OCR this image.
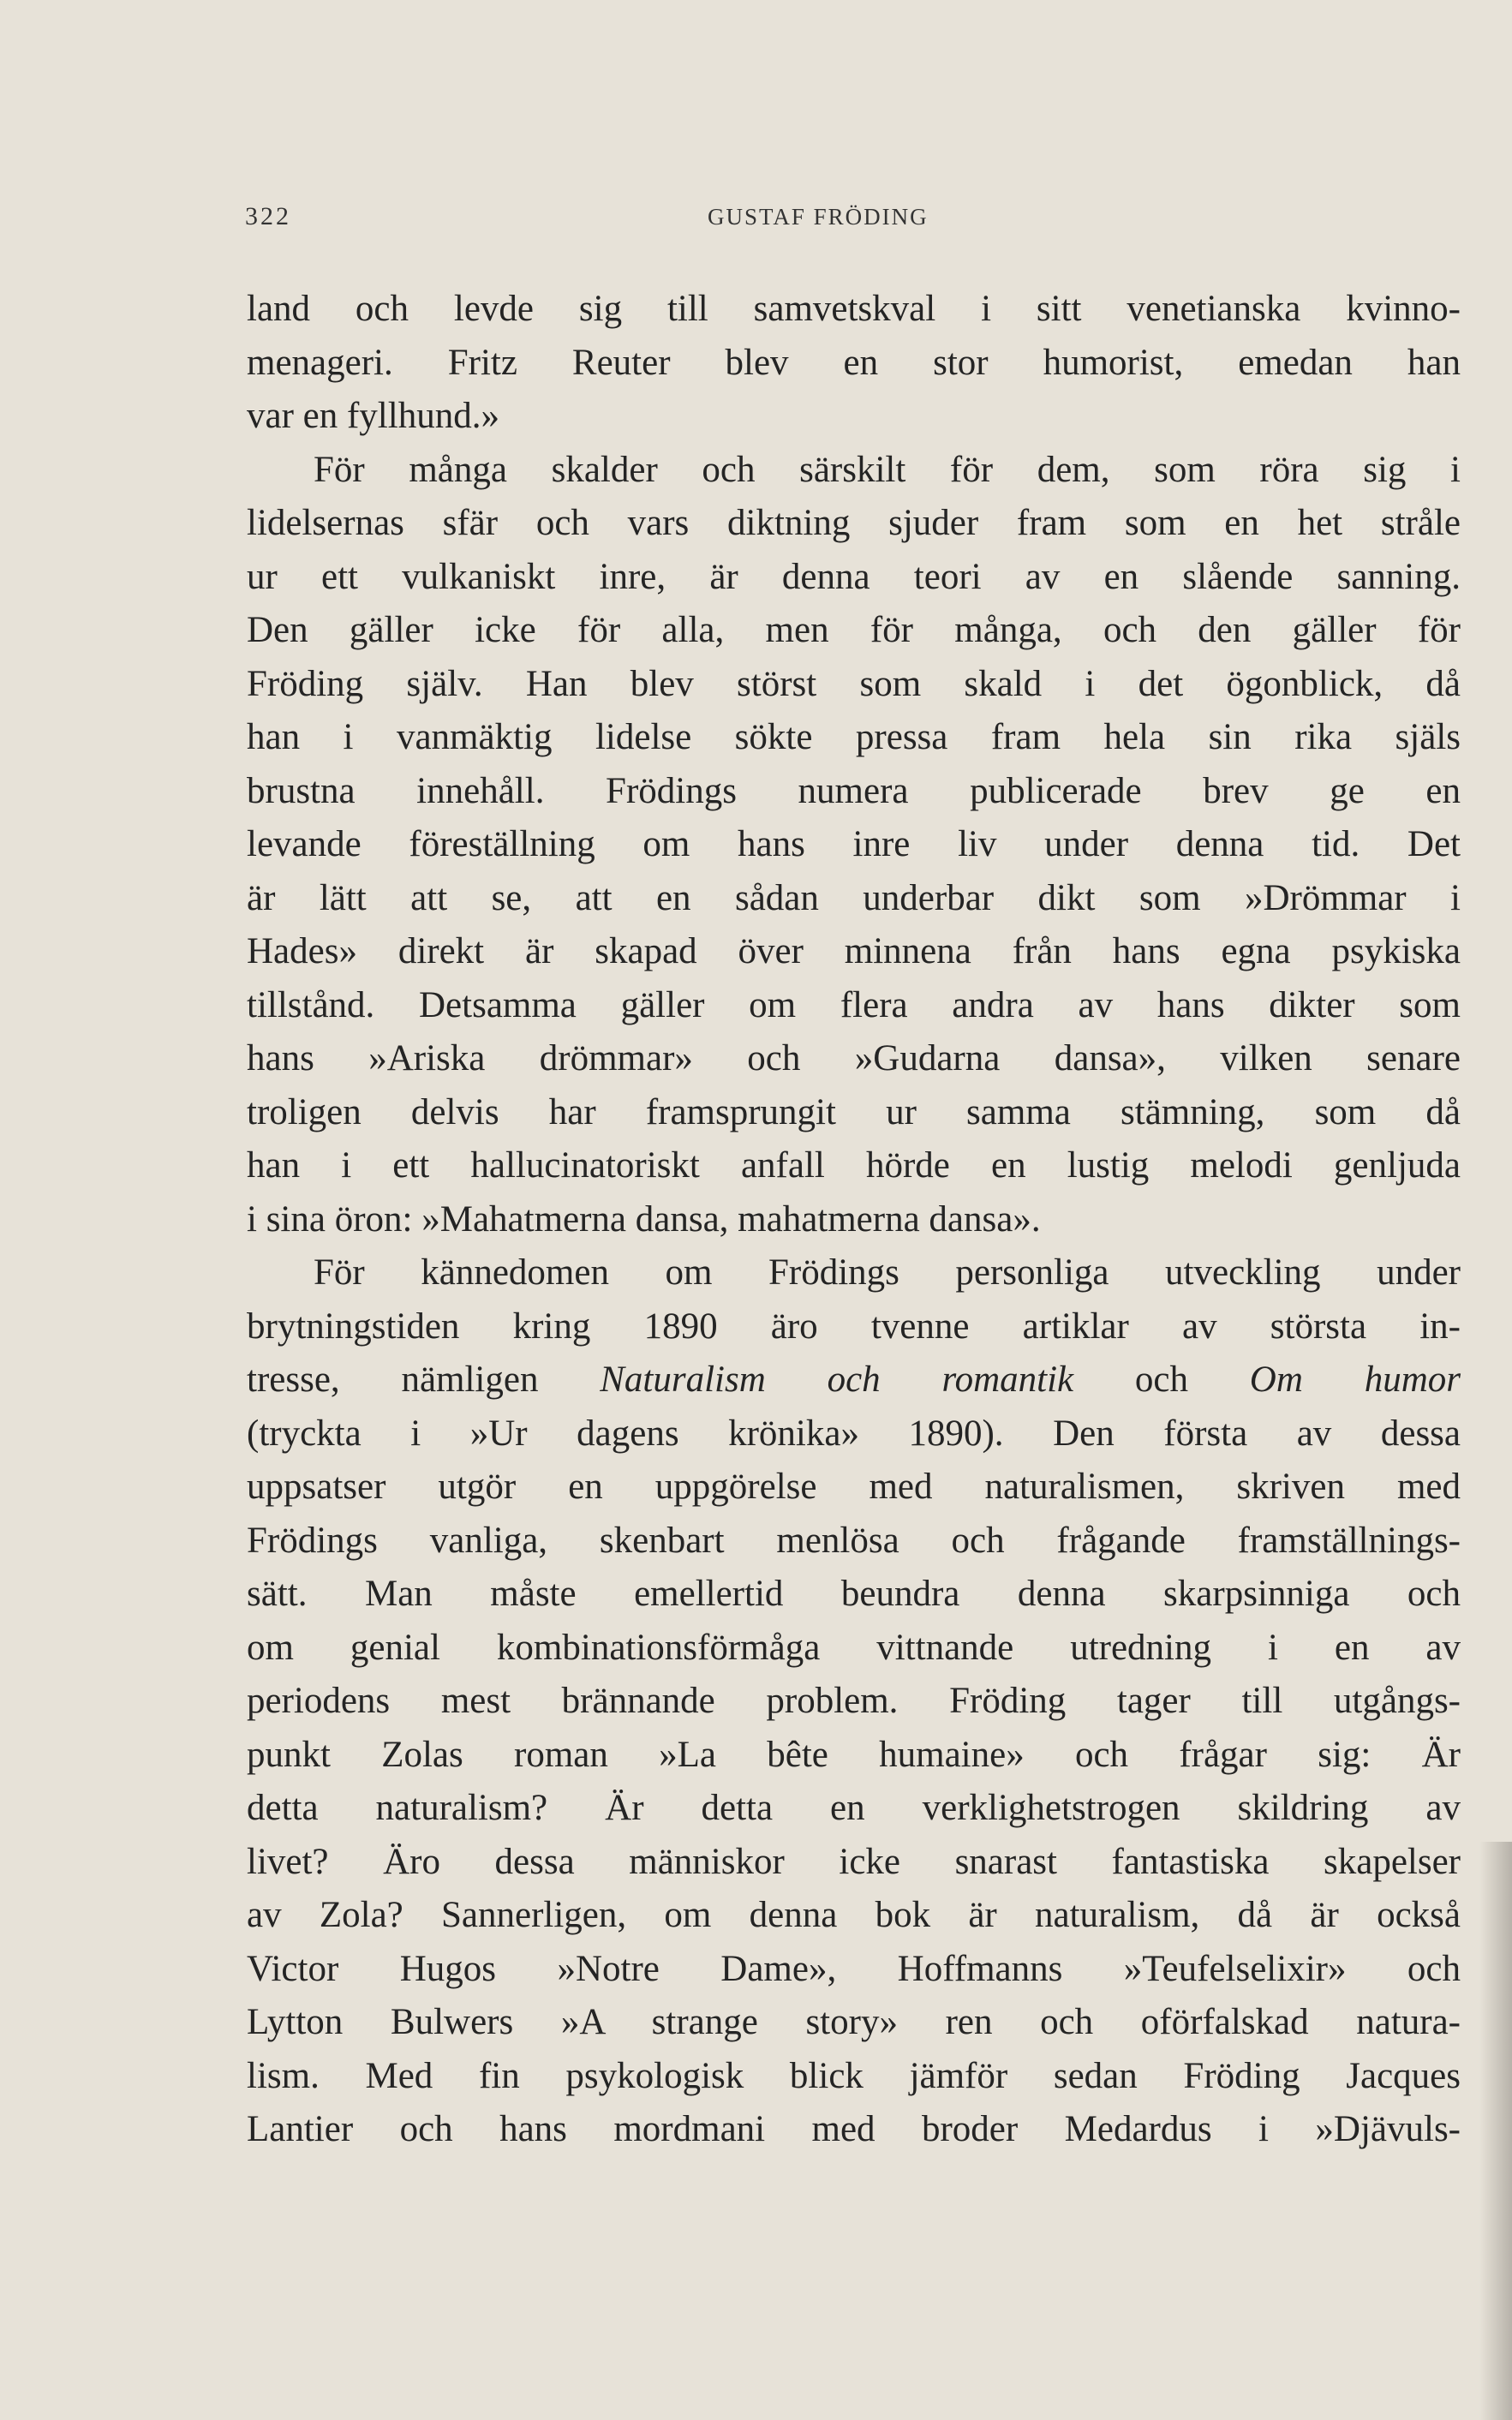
322	GUSTAF FRÖDING
land och levde sig till samvetskval i sitt venetianska kvinno-
menageri. Fritz Reuter blev en stor humorist, emedan han
var en fyllhund.»
För många skalder och särskilt för dem, som röra sig i
lidelsernas sfär och vars diktning sjuder fram som en het stråle
ur ett vulkaniskt inre, är denna teori av en slående sanning.
Den gäller icke för alla, men för många, och den gäller för
Fröding själv. Han blev störst som skald i det ögonblick, då
han i vanmäktig lidelse sökte pressa fram hela sin rika själs
brustna innehåll. Frödings numera publicerade brev ge en
levande föreställning om hans inre liv under denna tid. Det
är lätt att se, att en sådan underbar dikt som »Drömmar i
Hades» direkt är skapad över minnena från hans egna psykiska
tillstånd. Detsamma gäller om flera andra av hans dikter som
hans »Ariska drömmar» och »Gudarna dansa», vilken senare
troligen delvis har framsprungit ur samma stämning, som då
han i ett hallucinatoriskt anfall hörde en lustig melodi genljuda
i sina öron: »Mahatmerna dansa, mahatmerna dansa».
För kännedomen om Frödings personliga utveckling under
brytningstiden kring 1890 äro tvenne artiklar av största in-
tresse, nämligen Naturalism och romantik och Om humor
(tryckta i »Ur dagens krönika» 1890). Den första av dessa
uppsatser utgör en uppgörelse med naturalismen, skriven med
Frödings vanliga, skenbart menlösa och frågande framställnings-
sätt. Man måste emellertid beundra denna skarpsinniga och
om genial kombinationsförmåga vittnande utredning i en av
periodens mest brännande problem. Fröding tager till utgångs-
punkt Zolas roman »La bête humaine» och frågar sig: Är
detta naturalism? Är detta en verklighetstrogen skildring av
livet? Äro dessa människor icke snarast fantastiska skapelser
av Zola? Sannerligen, om denna bok är naturalism, då är också
Victor Hugos »Notre Dame», Hoffmanns »Teufelselixir» och
Lytton Bulwers »A strange story» ren och oförfalskad natura-
lism. Med fin psykologisk blick jämför sedan Fröding Jacques
Lantier och hans mordmani med broder Medardus i »Djävuls-
